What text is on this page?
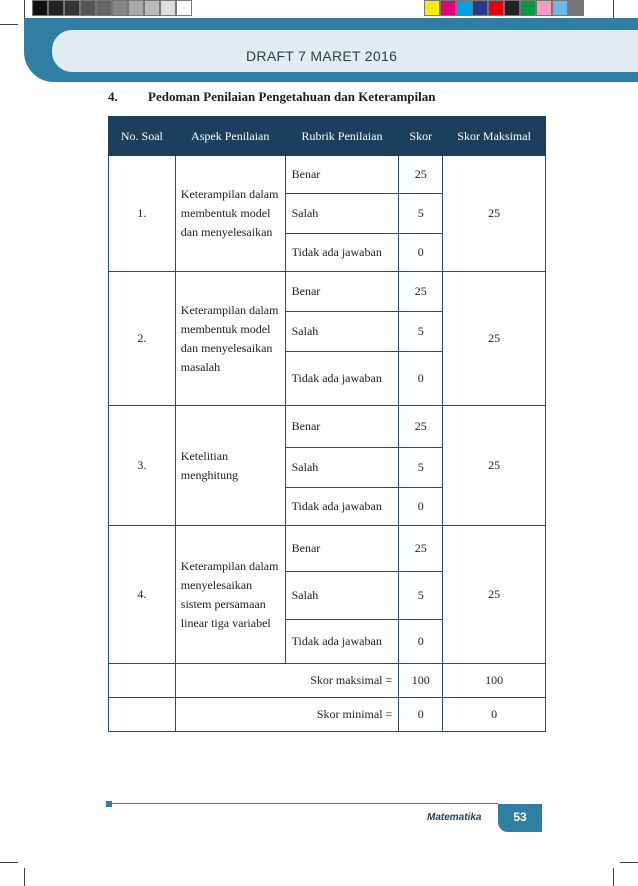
DRAFT 7 MARET 2016
4. Pedoman Penilaian Pengetahuan dan Keterampilan
No. Soal	Aspek Penilaian	Rubrik Penilaian	Skor	Skor Maksimal
1.	Keterampilan dalam membentuk model dan menyelesaikan	Benar	25	25
		Salah	5	
		Tidak ada jawaban	0	
2.	Keterampilan dalam membentuk model dan menyelesaikan masalah	Benar	25	25
		Salah	5	
		Tidak ada jawaban	0	
3.	Ketelitian menghitung	Benar	25	25
		Salah	5	
		Tidak ada jawaban	0	
4.	Keterampilan dalam menyelesaikan sistem persamaan linear tiga variabel	Benar	25	25
		Salah	5	
		Tidak ada jawaban	0	
	Skor maksimal =		100	100
	Skor minimal =		0	0
Matematika	53
